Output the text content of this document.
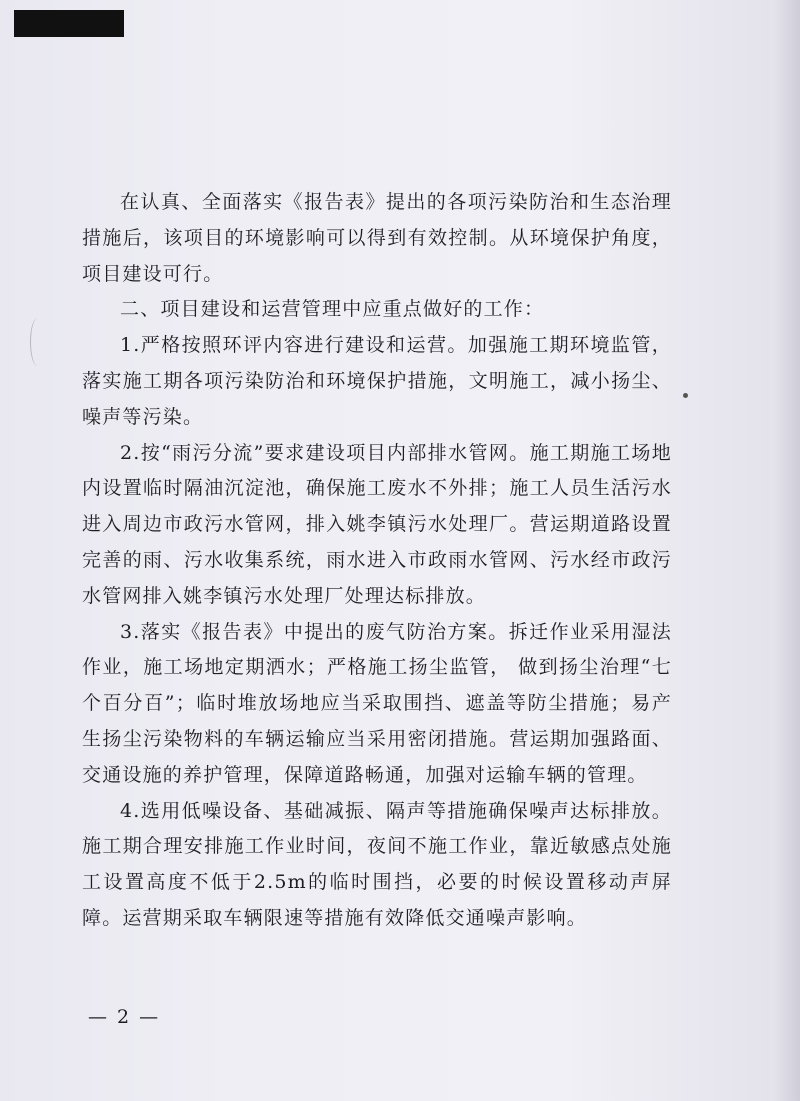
在认真、全面落实《报告表》提出的各项污染防治和生态治理措施后，该项目的环境影响可以得到有效控制。从环境保护角度，项目建设可行。

二、项目建设和运营管理中应重点做好的工作：

1.严格按照环评内容进行建设和运营。加强施工期环境监管，落实施工期各项污染防治和环境保护措施，文明施工，减小扬尘、噪声等污染。

2.按“雨污分流”要求建设项目内部排水管网。施工期施工场地内设置临时隔油沉淀池，确保施工废水不外排；施工人员生活污水进入周边市政污水管网，排入姚李镇污水处理厂。营运期道路设置完善的雨、污水收集系统，雨水进入市政雨水管网、污水经市政污水管网排入姚李镇污水处理厂处理达标排放。

3.落实《报告表》中提出的废气防治方案。拆迁作业采用湿法作业，施工场地定期洒水；严格施工扬尘监管， 做到扬尘治理“七个百分百”；临时堆放场地应当采取围挡、遮盖等防尘措施；易产生扬尘污染物料的车辆运输应当采用密闭措施。营运期加强路面、交通设施的养护管理，保障道路畅通，加强对运输车辆的管理。

4.选用低噪设备、基础减振、隔声等措施确保噪声达标排放。施工期合理安排施工作业时间，夜间不施工作业，靠近敏感点处施工设置高度不低于2.5m的临时围挡，必要的时候设置移动声屏障。运营期采取车辆限速等措施有效降低交通噪声影响。

— 2 —
